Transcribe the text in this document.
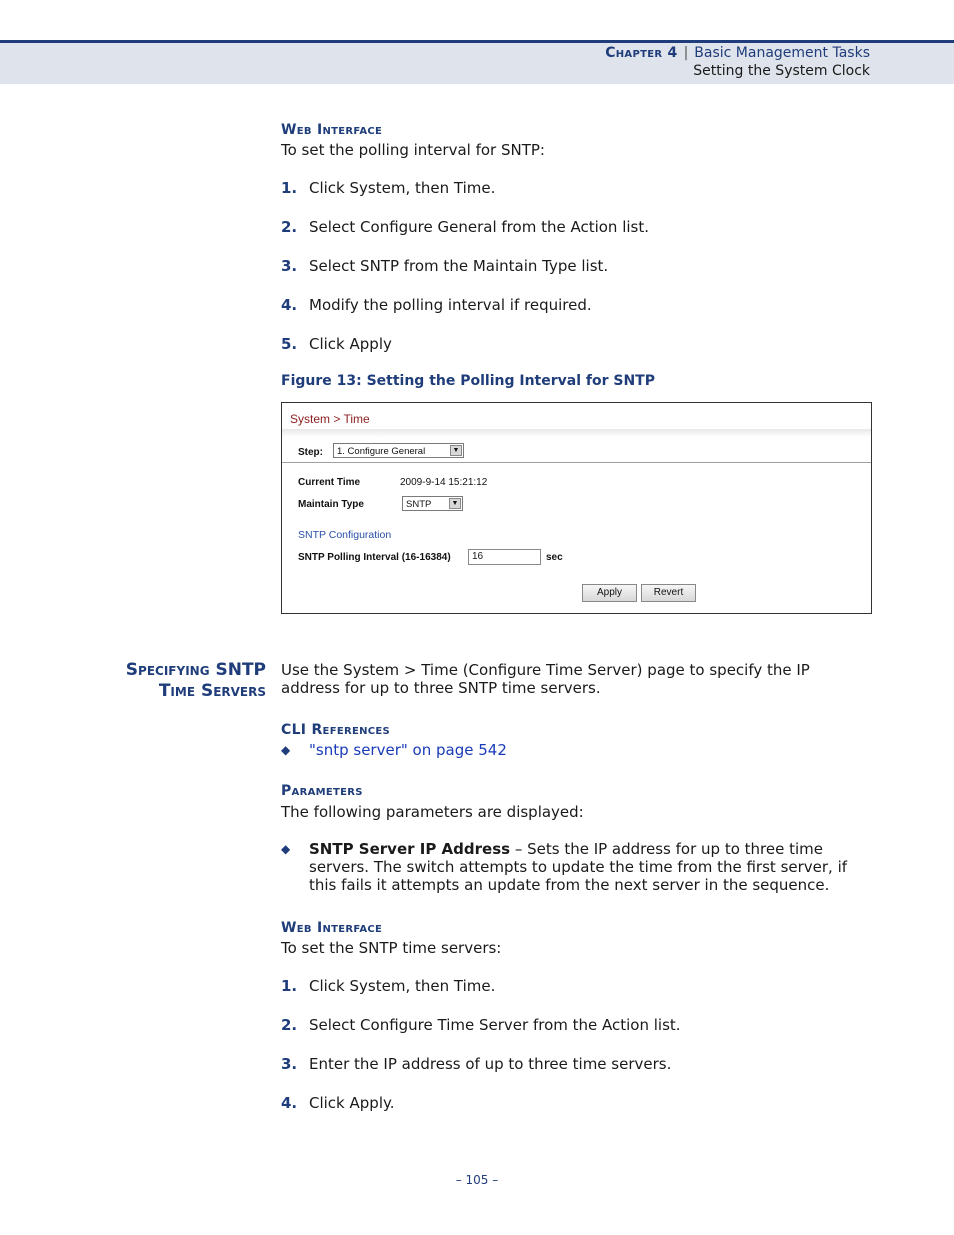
Chapter 4 | Basic Management Tasks
Setting the System Clock
Web Interface
To set the polling interval for SNTP:
1. Click System, then Time.
2. Select Configure General from the Action list.
3. Select SNTP from the Maintain Type list.
4. Modify the polling interval if required.
5. Click Apply
Figure 13: Setting the Polling Interval for SNTP
System > Time
Step:	1. Configure General	▼
Current Time	2009-9-14 15:21:12
Maintain Type	SNTP	▼
SNTP Configuration
SNTP Polling Interval (16-16384)	16	sec
Apply	Revert
Specifying SNTP
Time Servers
Use the System > Time (Configure Time Server) page to specify the IP
address for up to three SNTP time servers.
CLI References
◆ "sntp server" on page 542
Parameters
The following parameters are displayed:
◆ SNTP Server IP Address – Sets the IP address for up to three time
servers. The switch attempts to update the time from the first server, if
this fails it attempts an update from the next server in the sequence.
Web Interface
To set the SNTP time servers:
1. Click System, then Time.
2. Select Configure Time Server from the Action list.
3. Enter the IP address of up to three time servers.
4. Click Apply.
– 105 –
